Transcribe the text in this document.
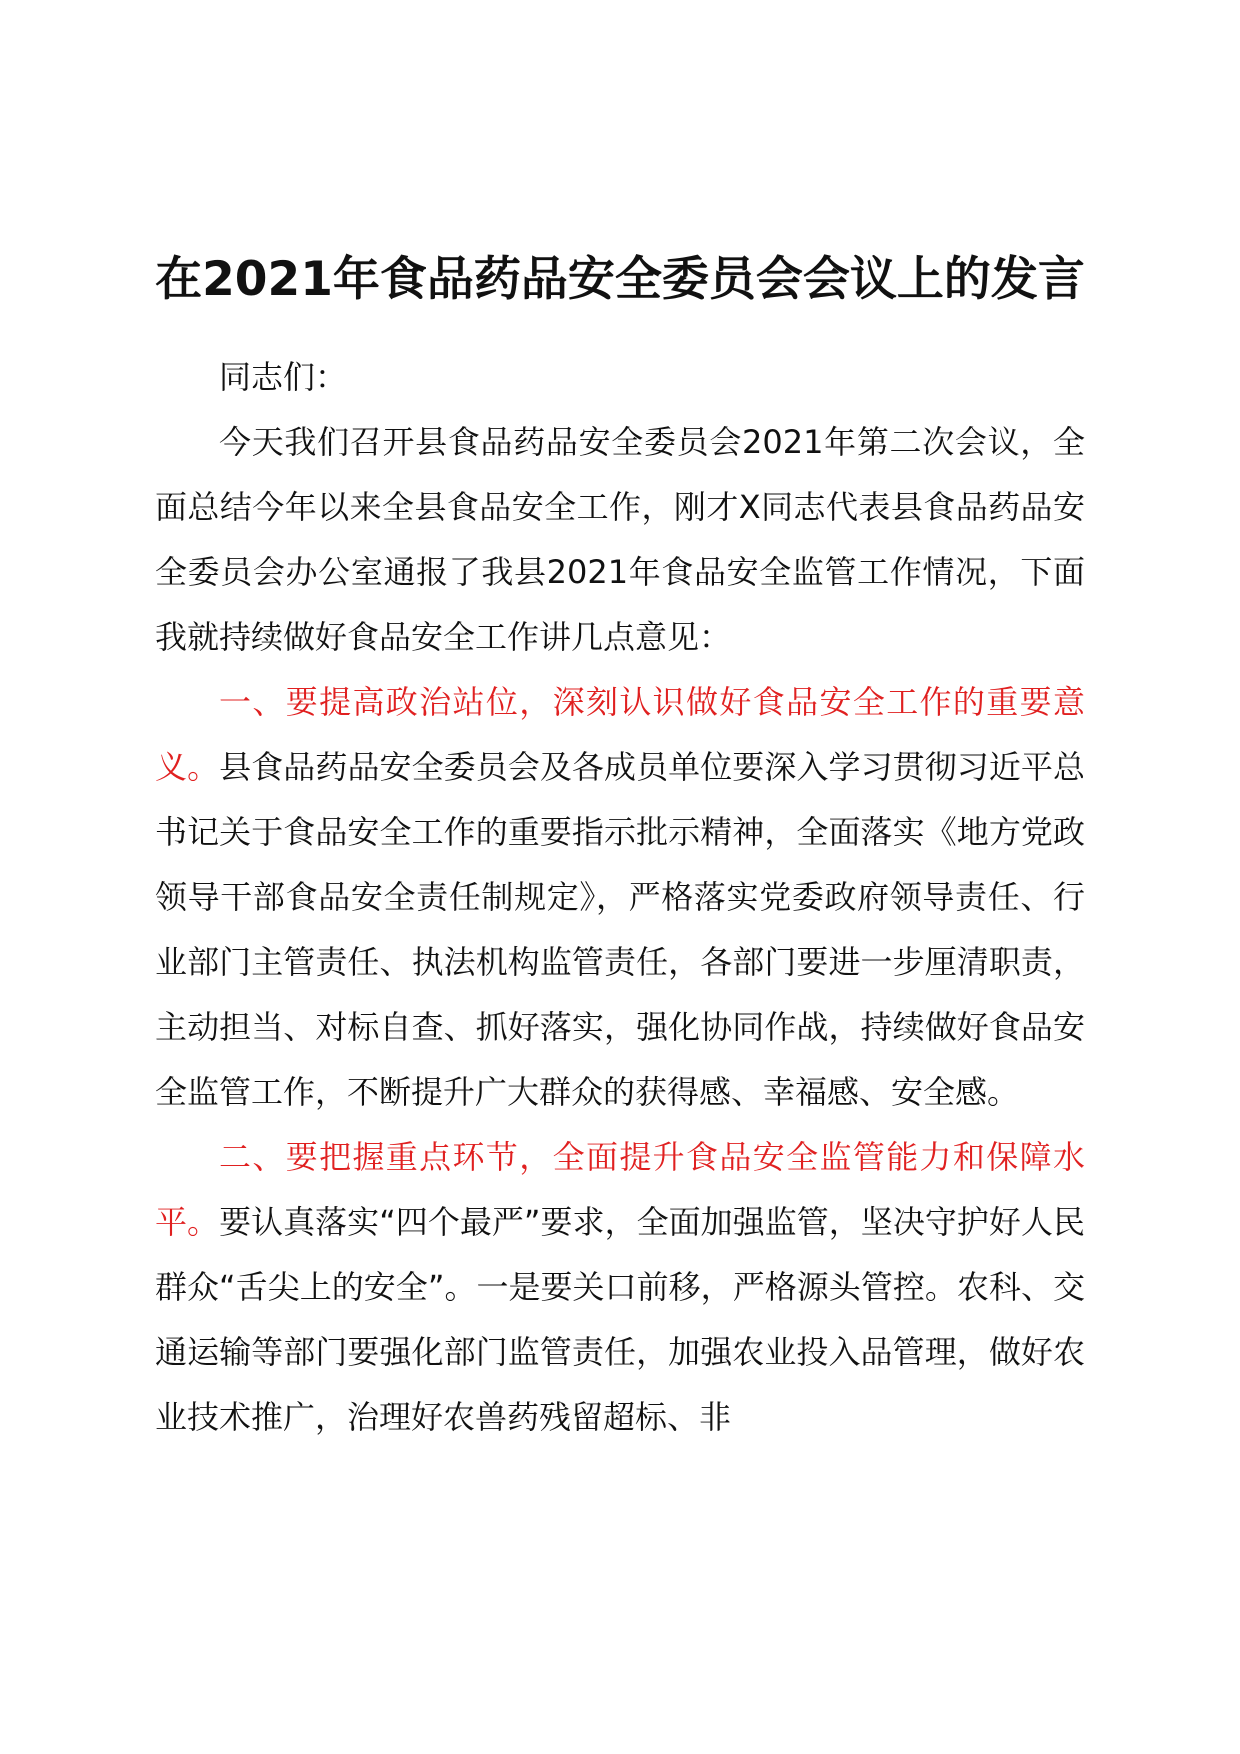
在2021年食品药品安全委员会会议上的发言

同志们：

今天我们召开县食品药品安全委员会2021年第二次会议，全面总结今年以来全县食品安全工作，刚才X同志代表县食品药品安全委员会办公室通报了我县2021年食品安全监管工作情况，下面我就持续做好食品安全工作讲几点意见：

一、要提高政治站位，深刻认识做好食品安全工作的重要意义。县食品药品安全委员会及各成员单位要深入学习贯彻习近平总书记关于食品安全工作的重要指示批示精神，全面落实《地方党政领导干部食品安全责任制规定》，严格落实党委政府领导责任、行业部门主管责任、执法机构监管责任，各部门要进一步厘清职责，主动担当、对标自查、抓好落实，强化协同作战，持续做好食品安全监管工作，不断提升广大群众的获得感、幸福感、安全感。

二、要把握重点环节，全面提升食品安全监管能力和保障水平。要认真落实“四个最严”要求，全面加强监管，坚决守护好人民群众“舌尖上的安全”。一是要关口前移，严格源头管控。农科、交通运输等部门要强化部门监管责任，加强农业投入品管理，做好农业技术推广，治理好农兽药残留超标、非
